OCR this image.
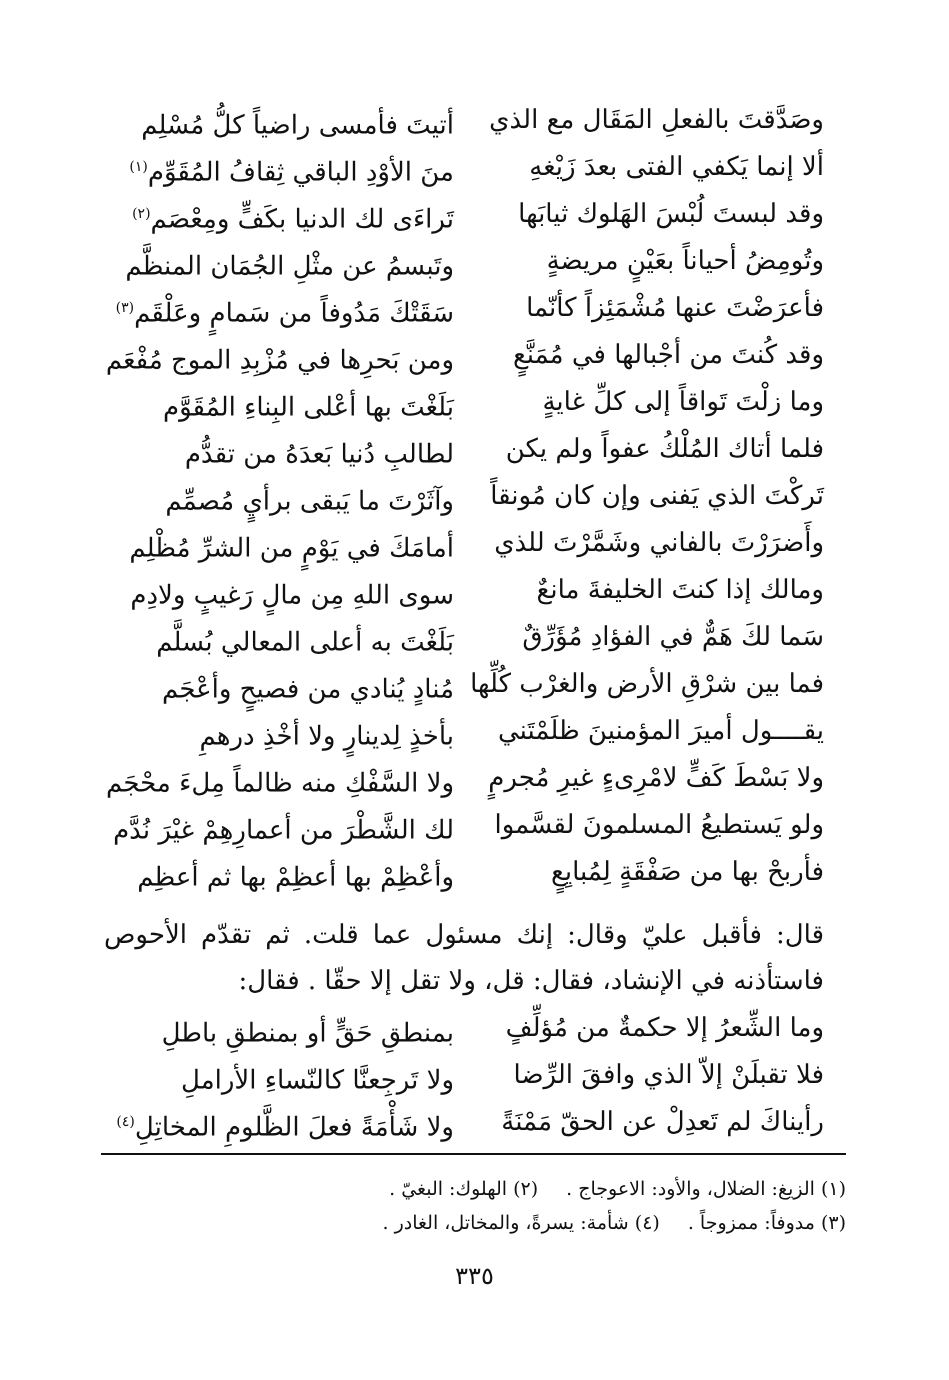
وصَدَّقتَ بالفعلِ المَقَال مع الذي
أتيتَ فأمسى راضياً كلُّ مُسْلِم
ألا إنما يَكفي الفتى بعدَ زَيْغهِ
منَ الأوْدِ الباقي ثِقافُ المُقَوِّم$^{(١)}$
وقد لبستَ لُبْسَ الهَلوك ثيابَها
تَراءَى لك الدنيا بكَفٍّ ومِعْصَم$^{(٢)}$
وتُومِضُ أحياناً بعَيْنٍ مريضةٍ
وتَبسمُ عن مثْلِ الجُمَان المنظَّم
فأعرَضْتَ عنها مُشْمَئِزاً كأنّما
سَقَتْكَ مَدُوفاً من سَمامٍ وعَلْقَم$^{(٣)}$
وقد كُنتَ من أجْبالها في مُمَنَّعٍ
ومن بَحرِها في مُزْبِدِ الموج مُفْعَم
وما زلْتَ تَواقاً إلى كلِّ غايةٍ
بَلَغْتَ بها أعْلى البِناءِ المُقَوَّم
فلما أتاك المُلْكُ عفواً ولم يكن
لطالبِ دُنيا بَعدَهُ من تقدُّم
تَركْتَ الذي يَفنى وإن كان مُونقاً
وآثَرْتَ ما يَبقى برأيٍ مُصمِّم
وأَضرَرْتَ بالفاني وشَمَّرْتَ للذي
أمامَكَ في يَوْمٍ من الشرِّ مُظْلِم
ومالك إذا كنتَ الخليفةَ مانعٌ
سوى اللهِ مِن مالٍ رَغيبٍ ولادِم
سَما لكَ هَمٌّ في الفؤادِ مُؤَرِّقٌ
بَلَغْتَ به أعلى المعالي بُسلَّم
فما بين شرْقِ الأرض والغرْب كُلِّها
مُنادٍ يُنادي من فصيحٍ وأعْجَم
يقــــول أميرَ المؤمنينَ ظلَمْتَني
بأخذٍ لِدينارٍ ولا أخْذِ درهمِ
ولا بَسْطَ كَفٍّ لامْرِىءٍ غيرِ مُجرمٍ
ولا السَّفْكِ منه ظالماً مِلءَ محْجَم
ولو يَستطيعُ المسلمونَ لقسَّموا
لك الشَّطْرَ من أعمارِهِمْ غيْرَ نُدَّم
فأربحْ بها من صَفْقَةٍ لِمُبايِعٍ
وأعْظِمْ بها أعظِمْ بها ثم أعظِم
قال: فأقبل عليّ وقال: إنك مسئول عما قلت. ثم تقدّم الأحوص فاستأذنه في الإنشاد، فقال: قل، ولا تقل إلا حقّا . فقال:
وما الشِّعرُ إلا حكمةٌ من مُؤلِّفٍ
بمنطقِ حَقٍّ أو بمنطقِ باطلِ
فلا تقبلَنْ إلاّ الذي وافقَ الرِّضا
ولا تَرجِعنَّا كالنّساءِ الأراملِ
رأيناكَ لم تَعدِلْ عن الحقّ مَمْنَةً
ولا شَأْمَةً فعلَ الظَّلومِ المخاتِلِ$^{(٤)}$
(١) الزيغ: الضلال، والأود: الاعوجاج .(٢) الهلوك: البغيّ .
(٣) مدوفاً: ممزوجاً .(٤) شأمة: يسرةً، والمخاتل، الغادر .
٣٣٥
